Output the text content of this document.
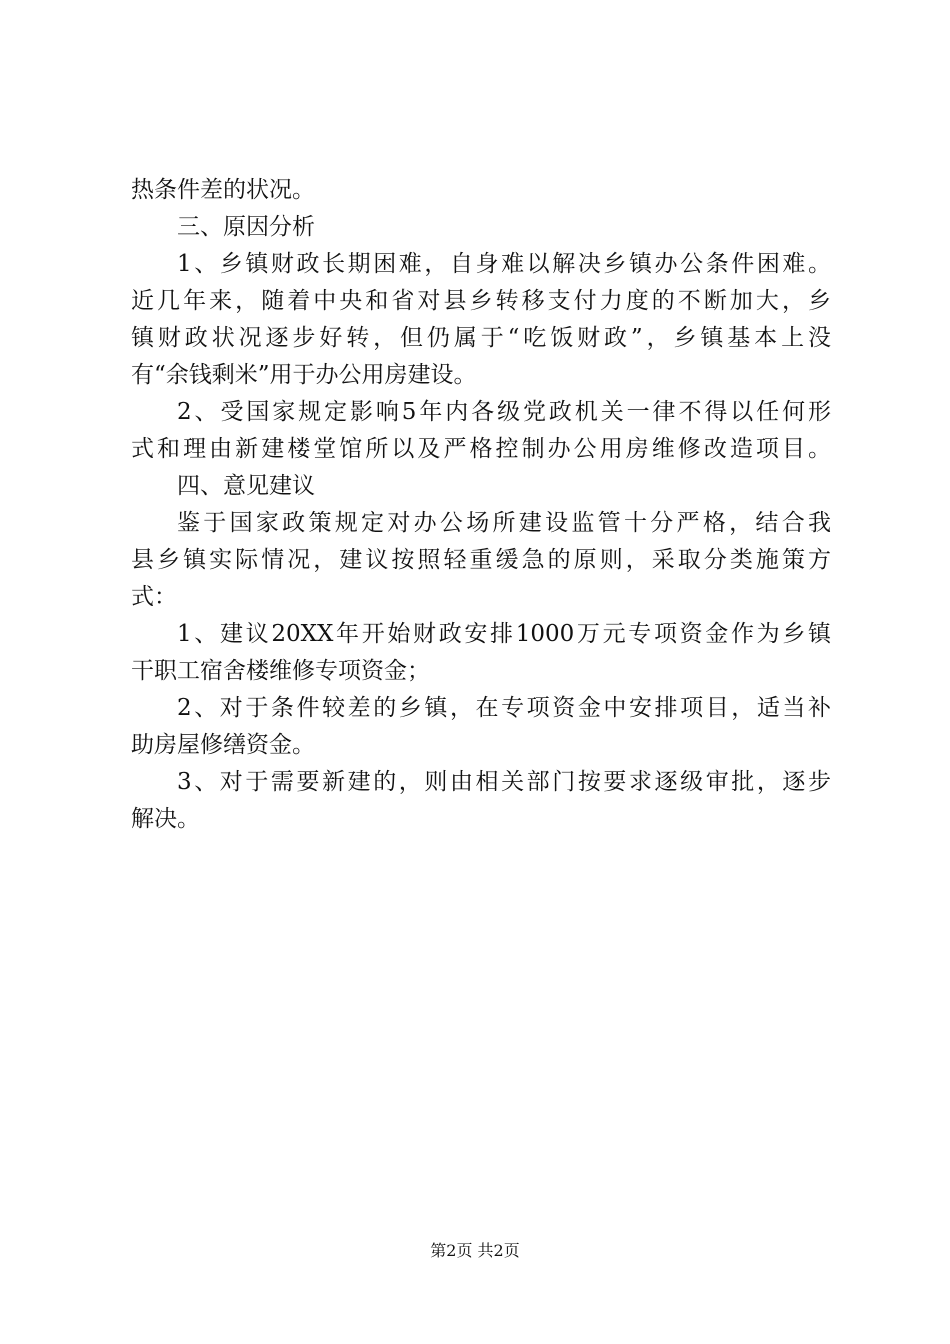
热条件差的状况。
三、原因分析
1、乡镇财政长期困难，自身难以解决乡镇办公条件困难。
近几年来，随着中央和省对县乡转移支付力度的不断加大，乡
镇财政状况逐步好转，但仍属于“吃饭财政”，乡镇基本上没
有“余钱剩米”用于办公用房建设。
2、受国家规定影响5年内各级党政机关一律不得以任何形
式和理由新建楼堂馆所以及严格控制办公用房维修改造项目。
四、意见建议
鉴于国家政策规定对办公场所建设监管十分严格，结合我
县乡镇实际情况，建议按照轻重缓急的原则，采取分类施策方
式：
1、建议20XX年开始财政安排1000万元专项资金作为乡镇
干职工宿舍楼维修专项资金；
2、对于条件较差的乡镇，在专项资金中安排项目，适当补
助房屋修缮资金。
3、对于需要新建的，则由相关部门按要求逐级审批，逐步
解决。
第2页 共2页
